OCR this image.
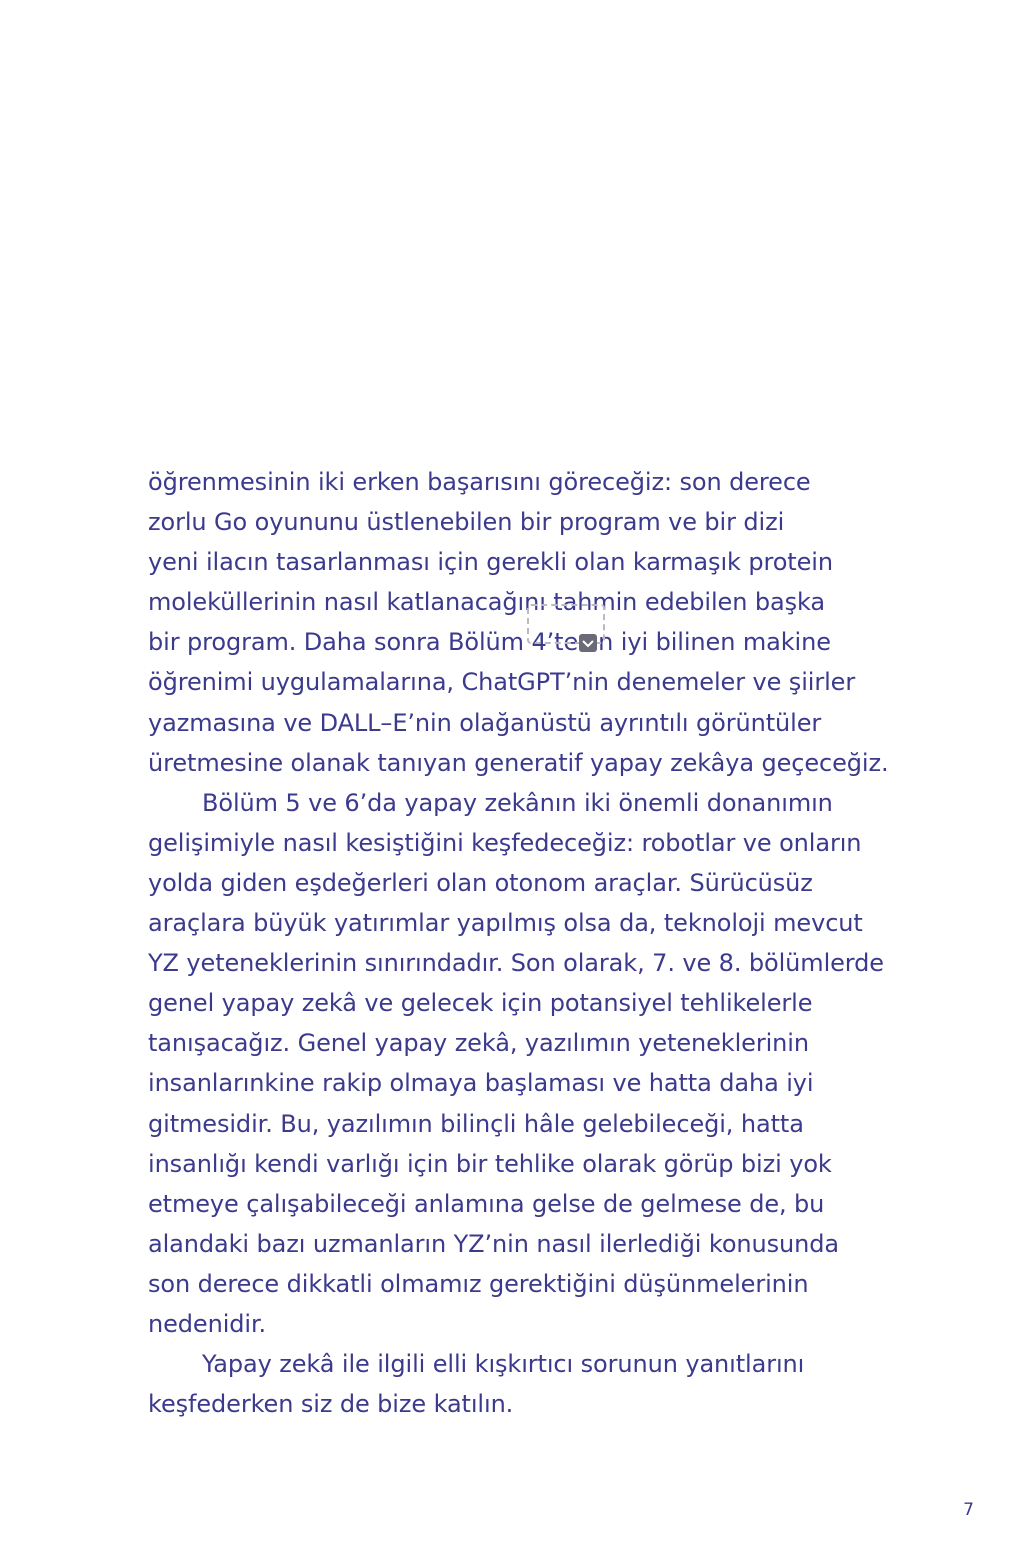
öğrenmesinin iki erken başarısını göreceğiz: son derece
zorlu Go oyununu üstlenebilen bir program ve bir dizi
yeni ilacın tasarlanması için gerekli olan karmaşık protein
moleküllerinin nasıl katlanacağını tahmin edebilen başka
bir program. Daha sonra Bölüm
4’te n iyi bilinen makine
öğrenimi uygulamalarına, ChatGPT’nin denemeler ve şiirler
yazmasına ve DALL–E’nin olağanüstü ayrıntılı görüntüler
üretmesine olanak tanıyan generatif yapay zekâya geçeceğiz.
Bölüm 5 ve 6’da yapay zekânın iki önemli donanımın
gelişimiyle nasıl kesiştiğini keşfedeceğiz: robotlar ve onların
yolda giden eşdeğerleri olan otonom araçlar. Sürücüsüz
araçlara büyük yatırımlar yapılmış olsa da, teknoloji mevcut
YZ yeteneklerinin sınırındadır. Son olarak, 7. ve 8. bölümlerde
genel yapay zekâ ve gelecek için potansiyel tehlikelerle
tanışacağız. Genel yapay zekâ, yazılımın yeteneklerinin
insanlarınkine rakip olmaya başlaması ve hatta daha iyi
gitmesidir. Bu, yazılımın bilinçli hâle gelebileceği, hatta
insanlığı kendi varlığı için bir tehlike olarak görüp bizi yok
etmeye çalışabileceği anlamına gelse de gelmese de, bu
alandaki bazı uzmanların YZ’nin nasıl ilerlediği konusunda
son derece dikkatli olmamız gerektiğini düşünmelerinin
nedenidir.
Yapay zekâ ile ilgili elli kışkırtıcı sorunun yanıtlarını
keşfederken siz de bize katılın.
7
